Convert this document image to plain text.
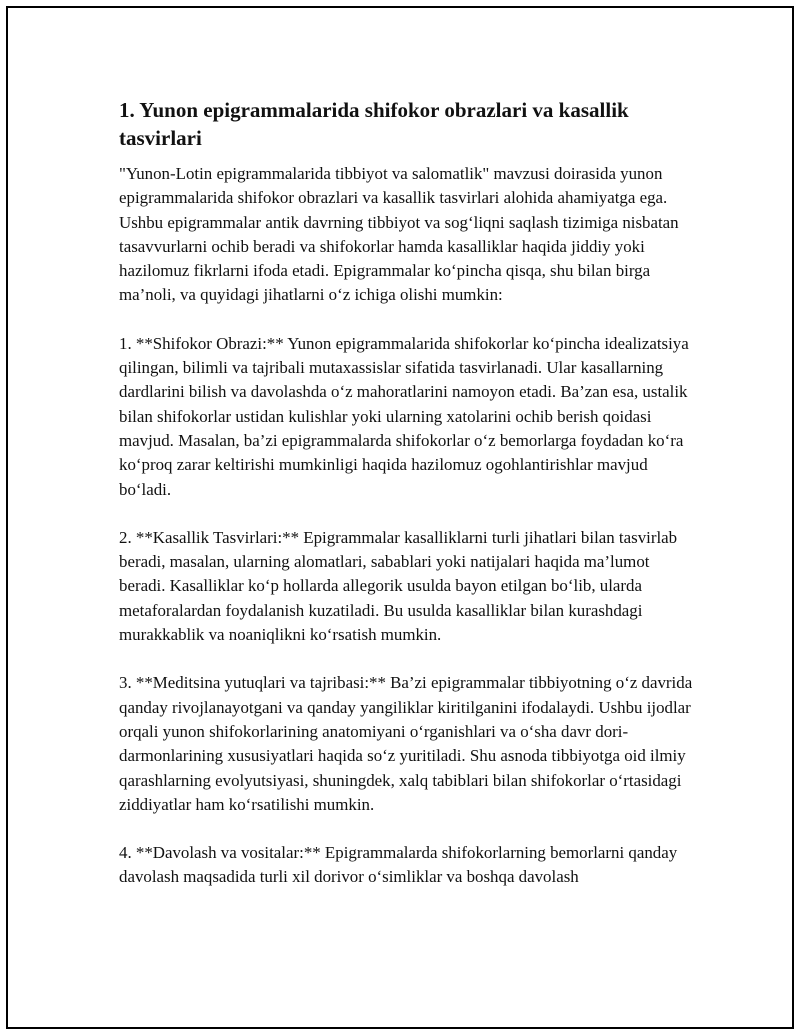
1. Yunon epigrammalarida shifokor obrazlari va kasallik tasvirlari

"Yunon-Lotin epigrammalarida tibbiyot va salomatlik" mavzusi doirasida yunon epigrammalarida shifokor obrazlari va kasallik tasvirlari alohida ahamiyatga ega. Ushbu epigrammalar antik davrning tibbiyot va sog‘liqni saqlash tizimiga nisbatan tasavvurlarni ochib beradi va shifokorlar hamda kasalliklar haqida jiddiy yoki hazilomuz fikrlarni ifoda etadi. Epigrammalar ko‘pincha qisqa, shu bilan birga ma’noli, va quyidagi jihatlarni o‘z ichiga olishi mumkin:

1. **Shifokor Obrazi:** Yunon epigrammalarida shifokorlar ko‘pincha idealizatsiya qilingan, bilimli va tajribali mutaxassislar sifatida tasvirlanadi. Ular kasallarning dardlarini bilish va davolashda o‘z mahoratlarini namoyon etadi. Ba’zan esa, ustalik bilan shifokorlar ustidan kulishlar yoki ularning xatolarini ochib berish qoidasi mavjud. Masalan, ba’zi epigrammalarda shifokorlar o‘z bemorlarga foydadan ko‘ra ko‘proq zarar keltirishi mumkinligi haqida hazilomuz ogohlantirishlar mavjud bo‘ladi.

2. **Kasallik Tasvirlari:** Epigrammalar kasalliklarni turli jihatlari bilan tasvirlab beradi, masalan, ularning alomatlari, sabablari yoki natijalari haqida ma’lumot beradi. Kasalliklar ko‘p hollarda allegorik usulda bayon etilgan bo‘lib, ularda metaforalardan foydalanish kuzatiladi. Bu usulda kasalliklar bilan kurashdagi murakkablik va noaniqlikni ko‘rsatish mumkin.

3. **Meditsina yutuqlari va tajribasi:** Ba’zi epigrammalar tibbiyotning o‘z davrida qanday rivojlanayotgani va qanday yangiliklar kiritilganini ifodalaydi. Ushbu ijodlar orqali yunon shifokorlarining anatomiyani o‘rganishlari va o‘sha davr dori-darmonlarining xususiyatlari haqida so‘z yuritiladi. Shu asnoda tibbiyotga oid ilmiy qarashlarning evolyutsiyasi, shuningdek, xalq tabiblari bilan shifokorlar o‘rtasidagi ziddiyatlar ham ko‘rsatilishi mumkin.

4. **Davolash va vositalar:** Epigrammalarda shifokorlarning bemorlarni qanday davolash maqsadida turli xil dorivor o‘simliklar va boshqa davolash
